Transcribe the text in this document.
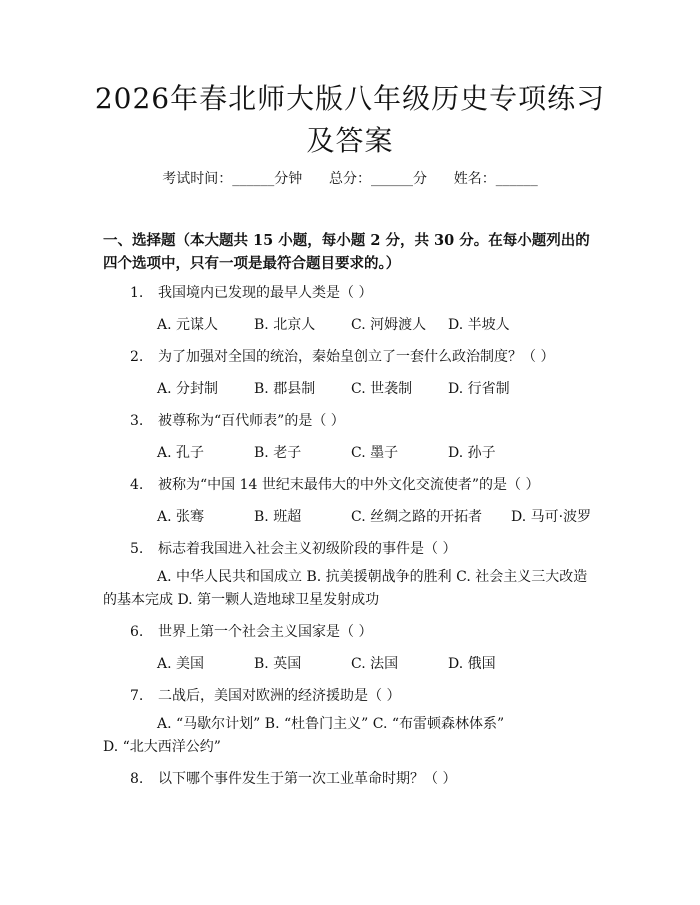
2026年春北师大版八年级历史专项练习及答案
考试时间：______分钟 总分：______分 姓名：______
一、选择题（本大题共 15 小题，每小题 2 分，共 30 分。在每小题列出的四个选项中，只有一项是最符合题目要求的。）
1. 我国境内已发现的最早人类是（ ）
A. 元谋人	B. 北京人	C. 河姆渡人 D. 半坡人
2. 为了加强对全国的统治，秦始皇创立了一套什么政治制度？（ ）
A. 分封制	B. 郡县制	C. 世袭制	D. 行省制
3. 被尊称为“百代师表”的是（ ）
A. 孔子	B. 老子	C. 墨子	D. 孙子
4. 被称为“中国 14 世纪末最伟大的中外文化交流使者”的是（ ）
A. 张骞	B. 班超	C. 丝绸之路的开拓者 D. 马可·波罗
5. 标志着我国进入社会主义初级阶段的事件是（ ）
A. 中华人民共和国成立 B. 抗美援朝战争的胜利 C. 社会主义三大改造的基本完成 D. 第一颗人造地球卫星发射成功
6. 世界上第一个社会主义国家是（ ）
A. 美国	B. 英国	C. 法国	D. 俄国
7. 二战后，美国对欧洲的经济援助是（ ）
A. “马歇尔计划” B. “杜鲁门主义” C. “布雷顿森林体系” D. “北大西洋公约”
8. 以下哪个事件发生于第一次工业革命时期？（ ）
